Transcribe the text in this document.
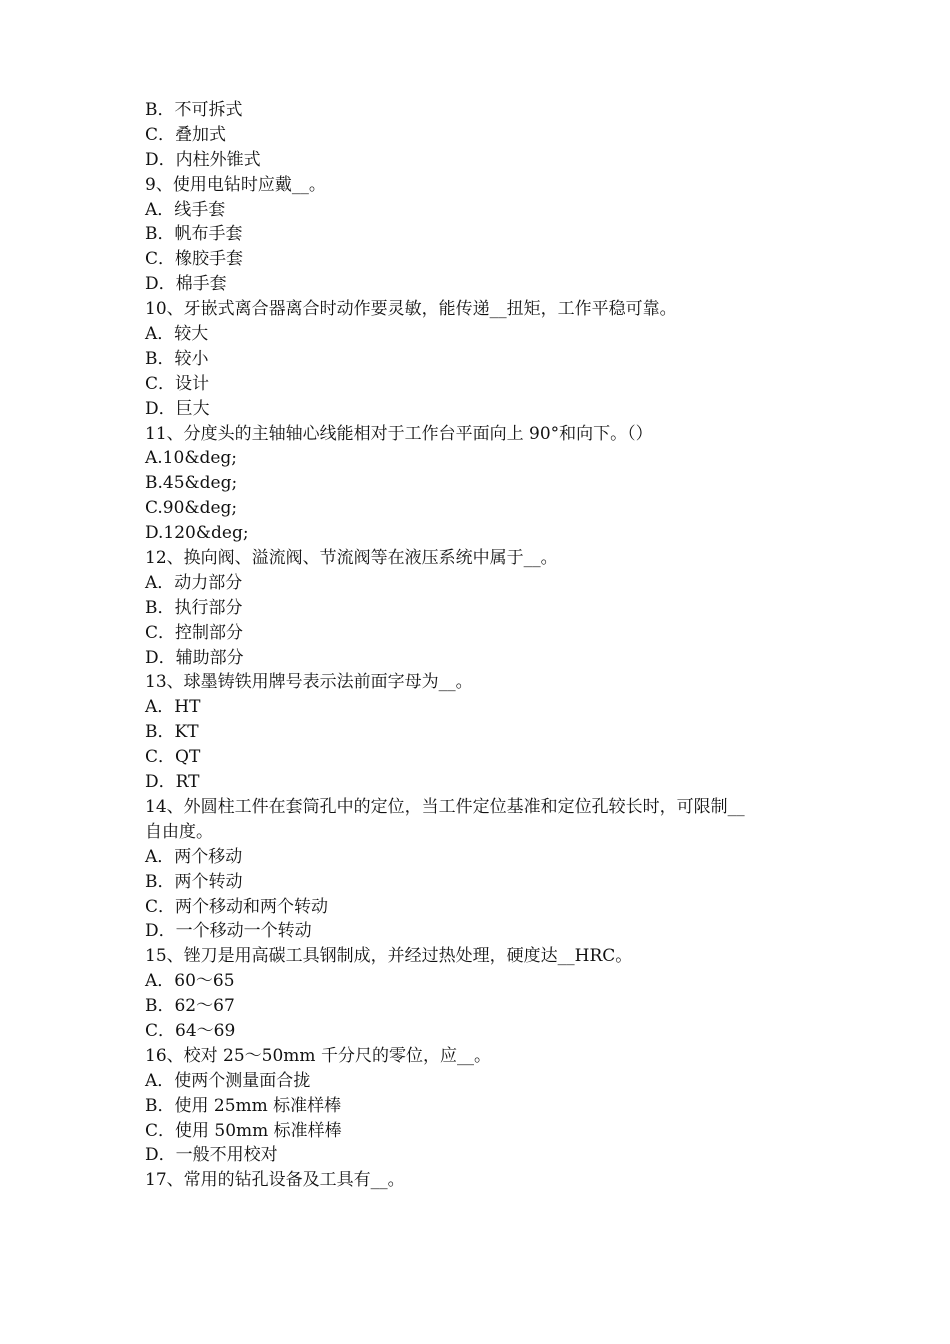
B．不可拆式

C．叠加式

D．内柱外锥式

9、使用电钻时应戴__。

A．线手套

B．帆布手套

C．橡胶手套

D．棉手套

10、牙嵌式离合器离合时动作要灵敏，能传递__扭矩，工作平稳可靠。

A．较大

B．较小

C．设计

D．巨大

11、分度头的主轴轴心线能相对于工作台平面向上 90°和向下。（）

A.10&deg;

B.45&deg;

C.90&deg;

D.120&deg;

12、换向阀、溢流阀、节流阀等在液压系统中属于__。

A．动力部分

B．执行部分

C．控制部分

D．辅助部分

13、球墨铸铁用牌号表示法前面字母为__。

A．HT

B．KT

C．QT

D．RT

14、外圆柱工件在套筒孔中的定位，当工件定位基准和定位孔较长时，可限制__

自由度。

A．两个移动

B．两个转动

C．两个移动和两个转动

D．一个移动一个转动

15、锉刀是用高碳工具钢制成，并经过热处理，硬度达__HRC。

A．60～65

B．62～67

C．64～69

16、校对 25～50mm 千分尺的零位，应__。

A．使两个测量面合拢

B．使用 25mm 标准样棒

C．使用 50mm 标准样棒

D．一般不用校对

17、常用的钻孔设备及工具有__。
